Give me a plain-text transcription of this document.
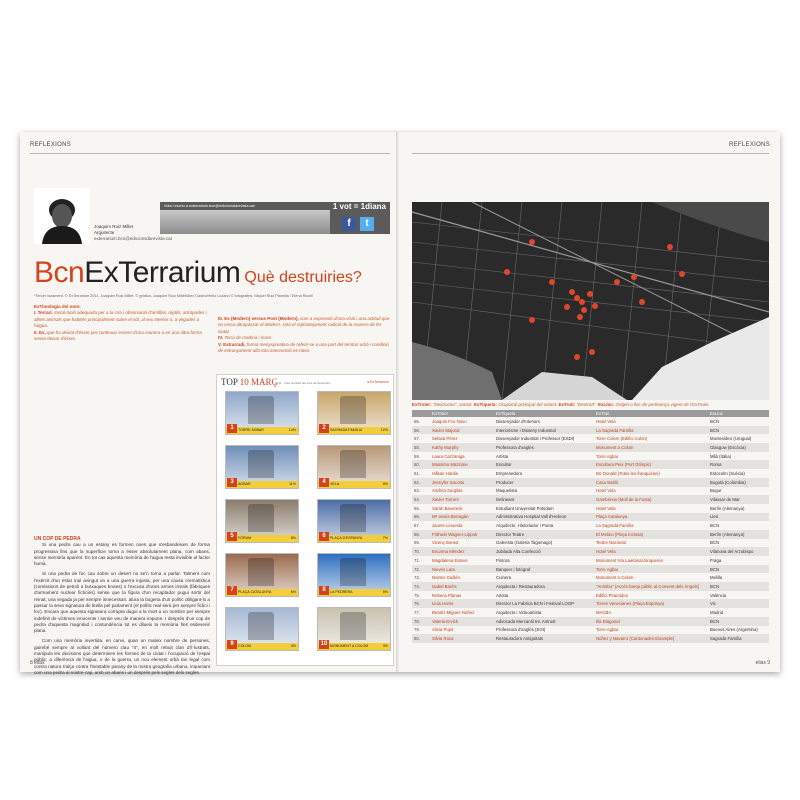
REFLEXIONS
Joaquim Ruiz Millet
Arquitecte
exterrarium.bcn@edicionsdarevista.cat
Vota i escriu a exterrarium.bcn@edicionsdarevista.cat	1 vot = 1diana
f	t
BcnExTerrarium Què destruiries?
*Tercer liurament. © ExTerrarium 2011. Joaquim Ruiz Millet. © gràfica, Joaquim Ruiz Millet/Alex Castro/Helio Lozano © fotografies, Miquel Ruiz Planella / Elena Ricchi
ExTimologia del nom:
I. Terrari. Instal·lació adequada per a la cria i observació d'amfibis, rèptils, artròpodes i altres animals que habiten principalment sobre el sòl, al seu interior o, a vegades a l'aigua.
II. Ex, que ha deixat d'ésser per continuar essent d'una manera o en una altra forma sense deixar d'ésser.
III. Ex (Modern) versus Post (Modern), com a expressió d'una visió i una actitud que no cerca ultrapassar el Modern, sinó el replantejament radical de la manera de fer ciutat.
IV. Terra de matèria i mare.
V. Extrarradi, forma menyspreativa de referir-se a una part del territori urbà i condició de estranyament alfa tota intervenció ex-novo.
TOP 10 MARÇ
2011 · Vots recollits del mes de Setembre	● ExTerrarium
TORRE AGBAR
1	14%	SAGRADA FAMÍLIA
2	12%
AGBAR
3	11%	VELA
4	9%
FÒRUM
5	8%	PLAÇA D'ESPANYA
6	7%
PLAÇA CATALUNYA
7	6%	LA PEDRERA
8	5%
COLOM
9	4%	MONUMENT A COLOM
10	3%
UN COP DE PEDRA

Si una pedra cau a un estany es formen ones que s'esbandeixen de forma progressiva fins que la superfície torna a ésser absolutament plana, com abans, sense memòria aparent. En tot cas aquesta memòria de l'aigua resta invisible al factor humà.

Si una pedra de foc cau sobre un desert no se'n torna a parlar. Talment com l'exèrcit d'un estat mal avingut va a una guerra injusta, per una causa crematística (comissions de petroli a butxaques brutes) o l'excusa d'unes armes irreals (fàbriques d'armament nuclear fictícies) sense que la figura d'un recaptador pugui sortir del reinat; una vegada ja per sempre innecessari, atura la bogeria d'un polític obligant-lo a passar la seva signatura de titella pel parlament (el polític real serà per sempre fictici i foc). Encara que aquesta signatura corrupta dugui a la mort a un nombre per sempre indefinit de víctimes innocents i sense veu de manera impune. I després d'un cop de pedra d'aquesta magnitud i contundència tot es dilueix la memòria fins esdevenir plana.

Com una memòria invertida, en canvi, quan un mateix nombre de persones, gairebé sempre al voltant del número clau "4", en molt rebuit clan d'il·lustrats, manipula les decisions que determinen les formes de la ciutat i l'ocupació de l'espai públic, a diferència de l'aigua, o de la guerra, un nou element urbà tan legal com contra natura s'alça contra l'inestable parany de la nostra geografia urbana, impactant com una pedra al nostre cap, amb un abans i un després pels segles dels segles.

8 elias
REFLEXIONS
ExTroier: "Destructor", votant. ExTiqueta: Ocupació principal del votant. ExTruit: "Destruït". ExLloc: Origen o lloc de pertinença vigent de l'ExTroier.
	ExTroier	ExTiqueta	ExTruit	ExLloc
55.	Joaquin Fco Novo	Dissenyador d'Interiors	Hotel Vela	BCN
56.	Xavier Majoral	Interiorisme i Disseny Industrial	La Sagrada Família	BCN
57.	Selasa Pérez	Dissenyador Industrial i Professor (ESDI)	Torre Colom (Edifici Colón)	Montevideo (Uruguai)
58.	Kathy Murphy	Professora d'anglès	Monument a Colom	Glasgow (Escòcia)
59.	Laura Cazzaniga	Artista	Torre Agbar	Milà (Itàlia)
60.	Massimo Mazzone	Escultor	Escultura Peix (Port Olímpic)	Roma
61.	Håkan Hardie	Emprenedora	Mc Donald (Totes les franquícies)	Estocolm (Suècia)
62.	Jennyfer Sacotto	Producer	Casa Batlló	Bogotà (Colòmbia)
63.	Andrea Surgilas	Maquetista	Hotel Vela	Begur
64.	Xavier Torrent	Delineant	Gambrinus (Moll de la Fusta)	Vilassar de Mar
65.	Sarah Bavereck	Estudiant Universitat Potsdam	Hotel Vela	Berlín (Alemanya)
66.	Mª Jesús Berragán	Administrativa Hospital Vall d'Hebron	Plaça Catalunya	Lleó
67.	Jaume Linuesta	Arquitecte, Historiador i Poeta	La Sagrada Família	BCN
68.	Frithwin Wagner-Lippok	Director Teatre	El Molino (Plaça inclosa)	Berlín (Alemanya)
69.	Vicenç Boned	Galerista (Galeria Tagomago)	Teatre Nacional	BCN
70.	Encarna Méndez	Jubilada Alta Confecció	Hotel Vela	Vilanova del Arzobispo
71.	Magdalena Esteve	Pintora	Monument Vía Laietana/Jonqueres	Fraga
72.	Nieves Lara	Banquer i fotògraf	Torre Agbar	BCN
73.	Monter Guillén	Cuinera	Monument a Colom	Melilla
74.	Isabel Bachs	Arquitecta i Restauradora	"Animbo" (Accés barqu públic al Convent dels Àngels)	BCN
75.	Rebeca Planas	Artista	Edifici Piramidon	València
76.	Lluis Homs	Director La Fabrica BCN i Festival LOOP	Torres Venecianes (Plaça Espanya)	Vic
77.	Beatriz Miguez-Núñez	Arquitecta i Videoartista	MACBA	Madrid
78.	Valeria Ervich	Advocada Mercantil Int. Antrust	Illa Diagonal	BCN
79.	Alicia Pujol	Professora d'anglès (EOI)	Torre Agbar	Buenos Aires (Argentina)
80.	Silvia Roca	Restauradora Antiguitats	Núñez y Navarro (Cantonades Eixample)	Sagrada Família
elias 9
